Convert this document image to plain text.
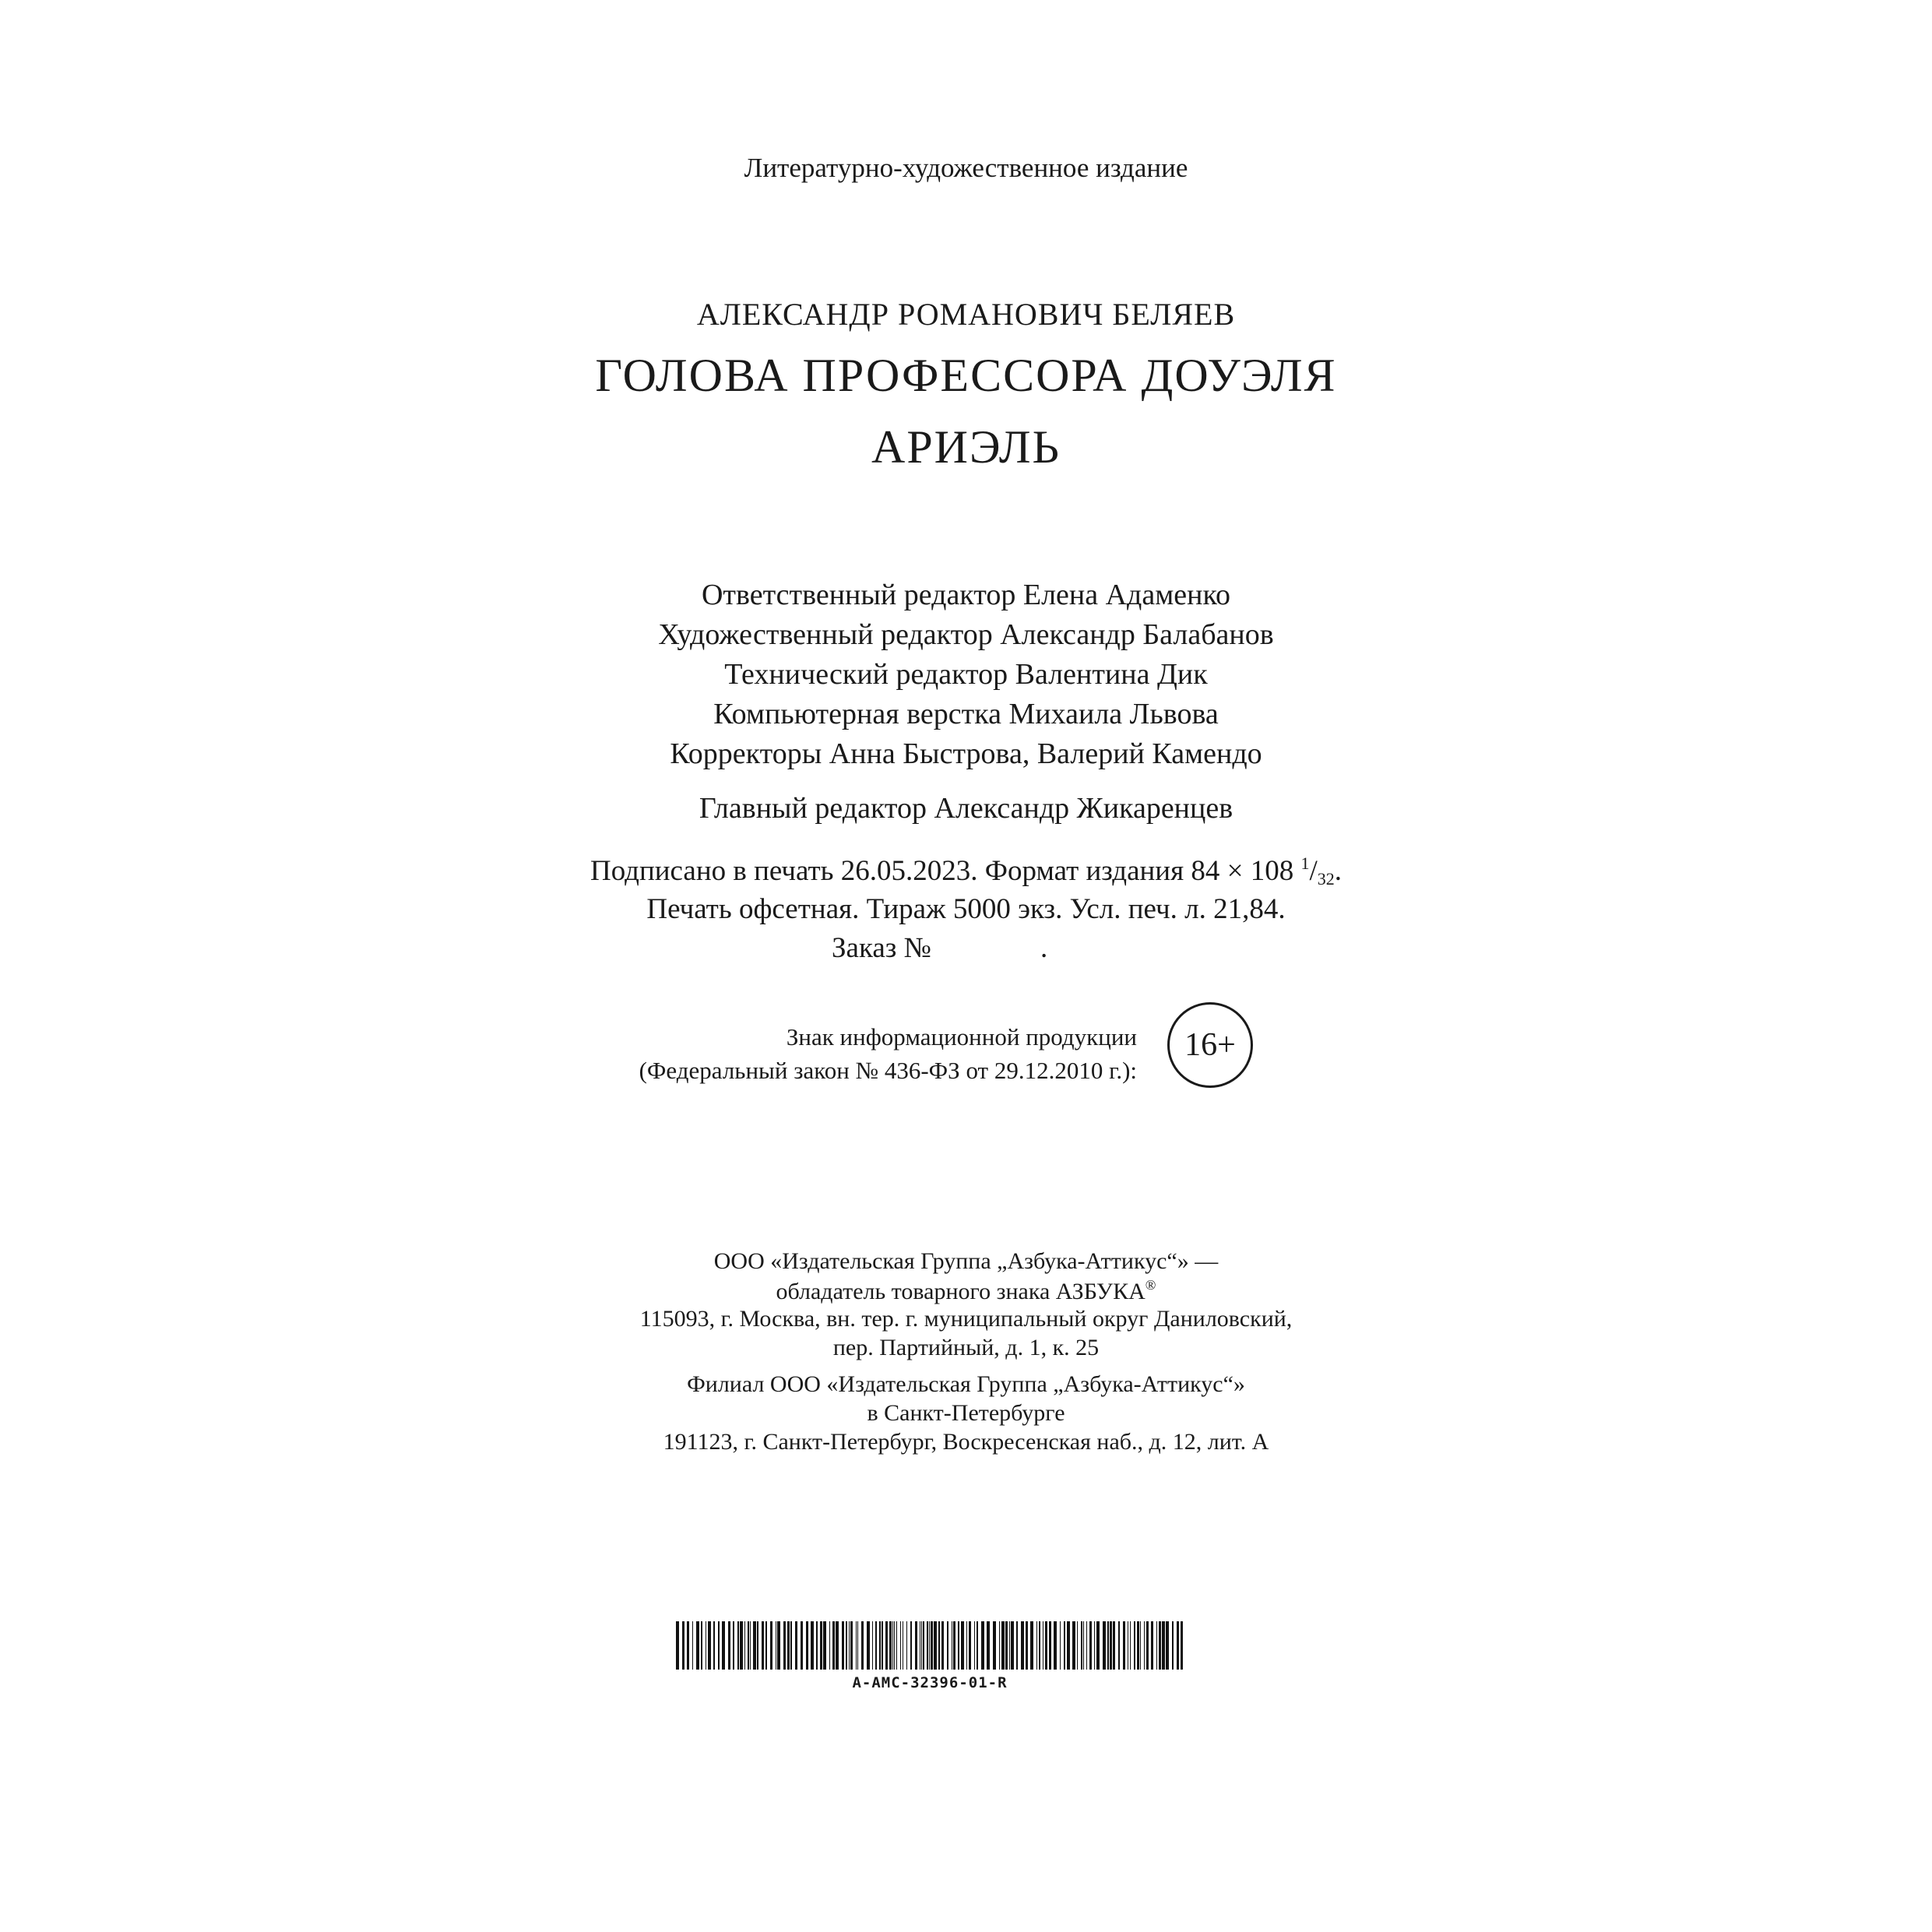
Литературно-художественное издание
АЛЕКСАНДР РОМАНОВИЧ БЕЛЯЕВ
ГОЛОВА ПРОФЕССОРА ДОУЭЛЯ
АРИЭЛЬ
Ответственный редактор Елена Адаменко
Художественный редактор Александр Балабанов
Технический редактор Валентина Дик
Компьютерная верстка Михаила Львова
Корректоры Анна Быстрова, Валерий Камендо
Главный редактор Александр Жикаренцев
Подписано в печать 26.05.2023. Формат издания 84 × 108 $^1/_{32}$.
Печать офсетная. Тираж 5000 экз. Усл. печ. л. 21,84.
Заказ №	.
Знак информационной продукции
(Федеральный закон № 436-ФЗ от 29.12.2010 г.):
16+
ООО «Издательская Группа „Азбука-Аттикус“» —
обладатель товарного знака АЗБУКА®
115093, г. Москва, вн. тер. г. муниципальный округ Даниловский,
пер. Партийный, д. 1, к. 25
Филиал ООО «Издательская Группа „Азбука-Аттикус“»
в Санкт-Петербурге
191123, г. Санкт-Петербург, Воскресенская наб., д. 12, лит. А
A-AMC-32396-01-R
